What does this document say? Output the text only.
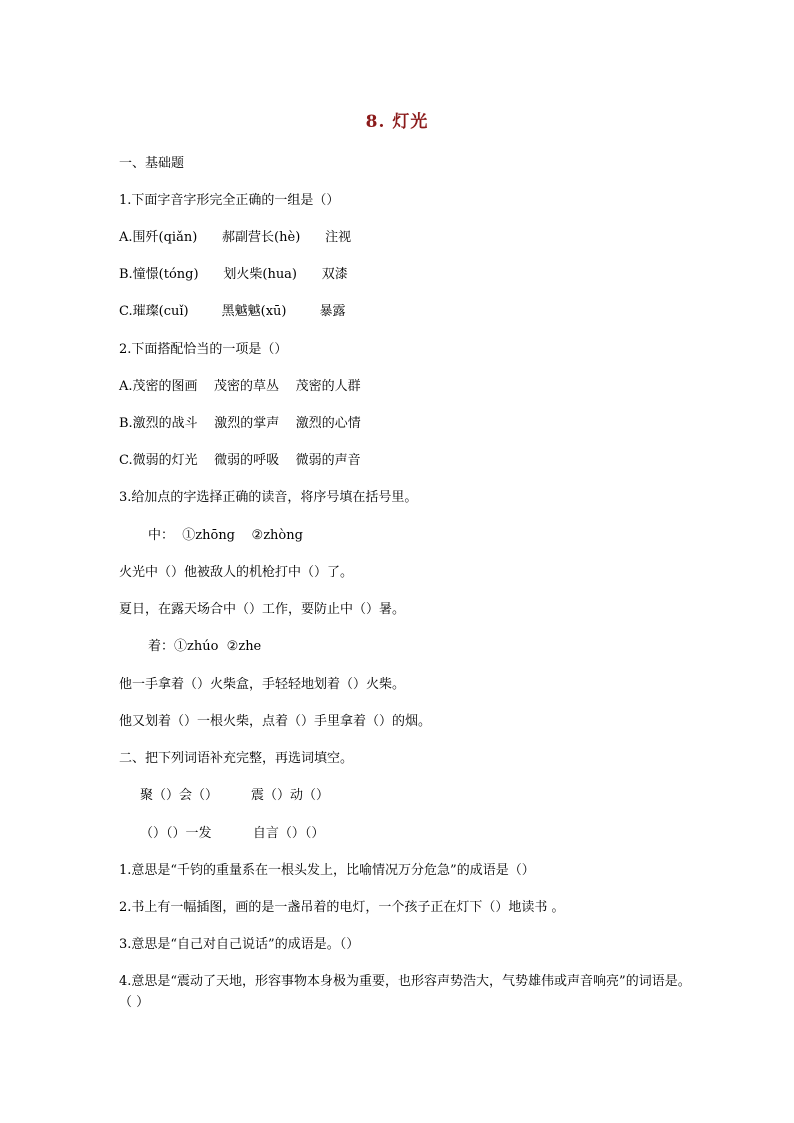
8. 灯光
一、基础题
1.下面字音字形完全正确的一组是（）
A.围歼(qiǎn)      郝副营长(hè)      注视
B.憧憬(tóng)      划火柴(hua)      双漆
C.璀璨(cuǐ)        黑魆魆(xū)        暴露
2.下面搭配恰当的一项是（）
A.茂密的图画    茂密的草丛    茂密的人群
B.激烈的战斗    激烈的掌声    激烈的心情
C.微弱的灯光    微弱的呼吸    微弱的声音
3.给加点的字选择正确的读音，将序号填在括号里。
中：  ①zhōng    ②zhòng
火光中（）他被敌人的机枪打中（）了。
夏日，在露天场合中（）工作，要防止中（）暑。
着：①zhúo  ②zhe
他一手拿着（）火柴盒，手轻轻地划着（）火柴。
他又划着（）一根火柴，点着（）手里拿着（）的烟。
二、把下列词语补充完整，再选词填空。
聚（）会（）        震（）动（）
（）（）一发          自言（）（）
1.意思是“千钧的重量系在一根头发上，比喻情况万分危急”的成语是（）
2.书上有一幅插图，画的是一盏吊着的电灯，一个孩子正在灯下（）地读书 。
3.意思是“自己对自己说话”的成语是。（）
4.意思是“震动了天地，形容事物本身极为重要，也形容声势浩大，气势雄伟或声音响亮”的词语是。（ ）
